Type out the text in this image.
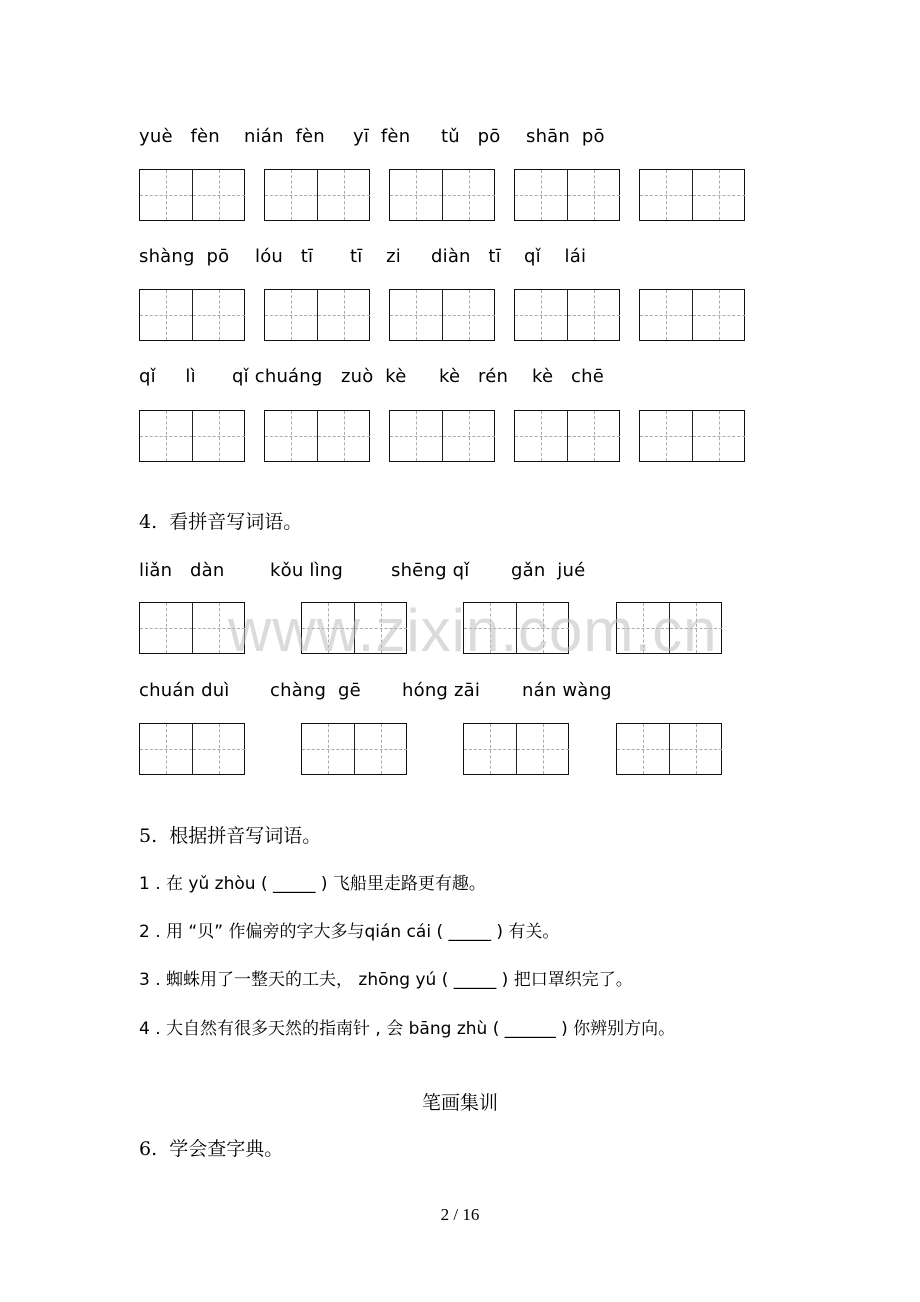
yuè   fèn nián  fèn yī  fèn tǔ   pō shān  pō
shàng  pō lóu   tī tī    zi diàn   tī qǐ    lái
qǐ     lì qǐ chuáng zuò  kè kè   rén kè   chē
4.  看拼音写词语。
liǎn   dàn	kǒu lìng	shēng qǐ gǎn  jué
chuán duì chàng  gē hóng zāi nán wàng
www.zixin.com.cn
5.  根据拼音写词语。
1 . 在 yǔ zhòu ( _____ ) 飞船里走路更有趣。
2 . 用 “贝” 作偏旁的字大多与qián cái ( _____ ) 有关。
3 . 蜘蛛用了一整天的工夫， zhōng yú ( _____ ) 把口罩织完了。
4 . 大自然有很多天然的指南针 , 会 bāng zhù ( ______ ) 你辨别方向。
笔画集训
6.  学会查字典。
2 / 16
